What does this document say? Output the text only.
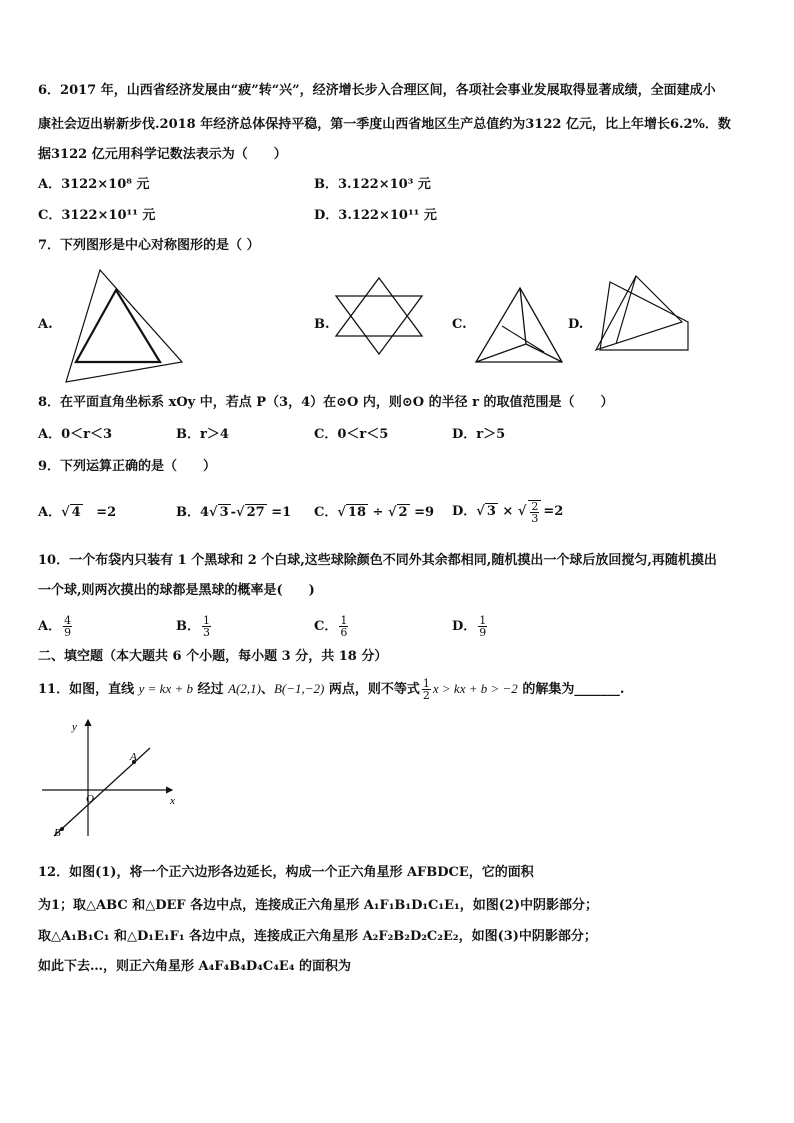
6．2017 年，山西省经济发展由“疲”转“兴”，经济增长步入合理区间，各项社会事业发展取得显著成绩，全面建成小
康社会迈出崭新步伐.2018 年经济总体保持平稳，第一季度山西省地区生产总值约为3122 亿元，比上年增长6.2%．数
据3122 亿元用科学记数法表示为（　　）
A．3122×10⁸ 元	B．3.122×10³ 元
C．3122×10¹¹ 元	D．3.122×10¹¹ 元
7．下列图形是中心对称图形的是（ ）
A.	B.	C.	D.
8．在平面直角坐标系 xOy 中，若点 P（3，4）在⊙O 内，则⊙O 的半径 r 的取值范围是（　　）
A．0＜r＜3	B．r＞4	C．0＜r＜5	D．r＞5
9．下列运算正确的是（　　）
A．√ 4 =2	B．4√ 3 -√ 27 =1 C．√ 18 ÷ √ 2 =9 D．√ 3 × √ $\frac{2}{3} =2$
10．一个布袋内只装有 1 个黑球和 2 个白球,这些球除颜色不同外其余都相同,随机摸出一个球后放回搅匀,再随机摸出
一个球,则两次摸出的球都是黑球的概率是(　　)
A． $\frac{4}{9}$	B． $\frac{1}{3}$	C． $\frac{1}{6}$	D． $\frac{1}{9}$
二、填空题（本大题共 6 个小题，每小题 3 分，共 18 分）
11．如图，直线 y = kx + b 经过 A(2,1)、B(−1,−2) 两点，则不等式 $\frac{1}{2}$ x > kx + b > −2 的解集为_______.
y
x
O
A
B
12．如图(1)，将一个正六边形各边延长，构成一个正六角星形 AFBDCE，它的面积
为1；取△ABC 和△DEF 各边中点，连接成正六角星形 A₁F₁B₁D₁C₁E₁，如图(2)中阴影部分；
取△A₁B₁C₁ 和△D₁E₁F₁ 各边中点，连接成正六角星形 A₂F₂B₂D₂C₂E₂，如图(3)中阴影部分；
如此下去…，则正六角星形 A₄F₄B₄D₄C₄E₄ 的面积为
